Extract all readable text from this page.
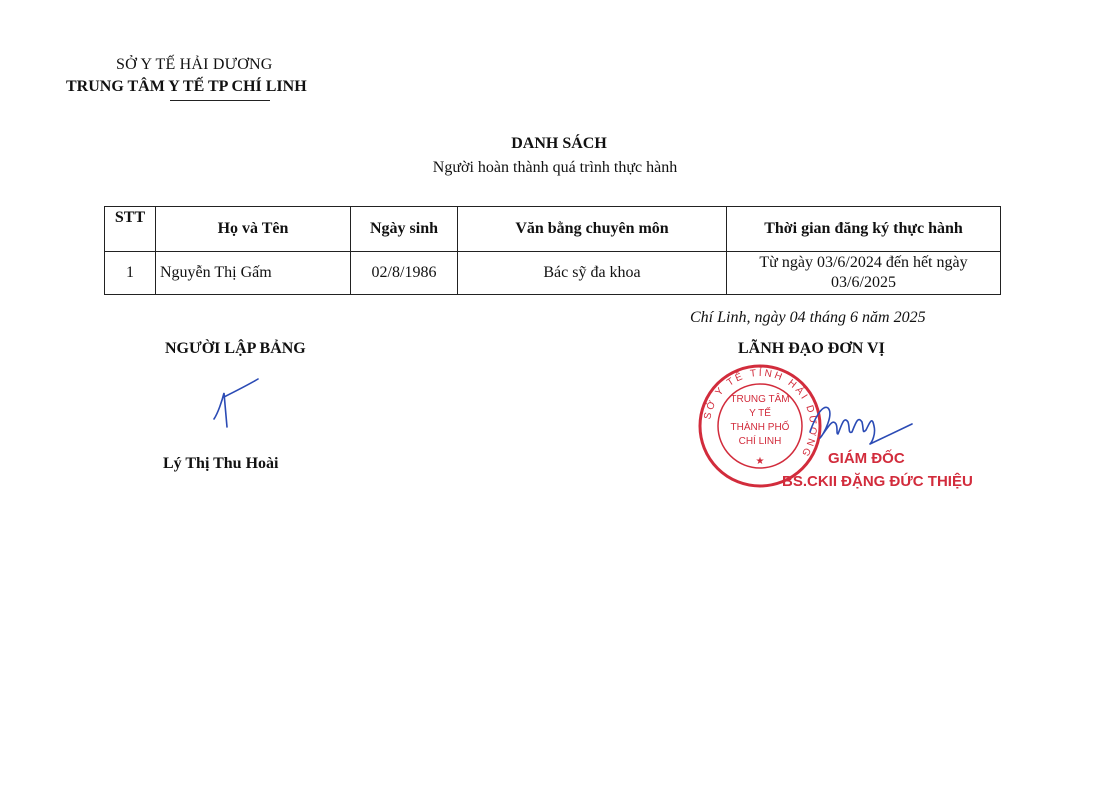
SỞ Y TẾ HẢI DƯƠNG
TRUNG TÂM Y TẾ TP CHÍ LINH
DANH SÁCH
Người hoàn thành quá trình thực hành
STT	Họ và Tên	Ngày sinh	Văn bằng chuyên môn	Thời gian đăng ký thực hành
1	Nguyễn Thị Gấm	02/8/1986	Bác sỹ đa khoa	Từ ngày 03/6/2024 đến hết ngày
03/6/2025
Chí Linh, ngày 04 tháng 6 năm 2025
NGƯỜI LẬP BẢNG	LÃNH ĐẠO ĐƠN VỊ
Lý Thị Thu Hoài
SỞ Y TẾ TỈNH HẢI DƯƠNG
TRUNG TÂM
Y TẾ
THÀNH PHỐ
CHÍ LINH
★	GIÁM ĐỐC
BS.CKII ĐẶNG ĐỨC THIỆU
